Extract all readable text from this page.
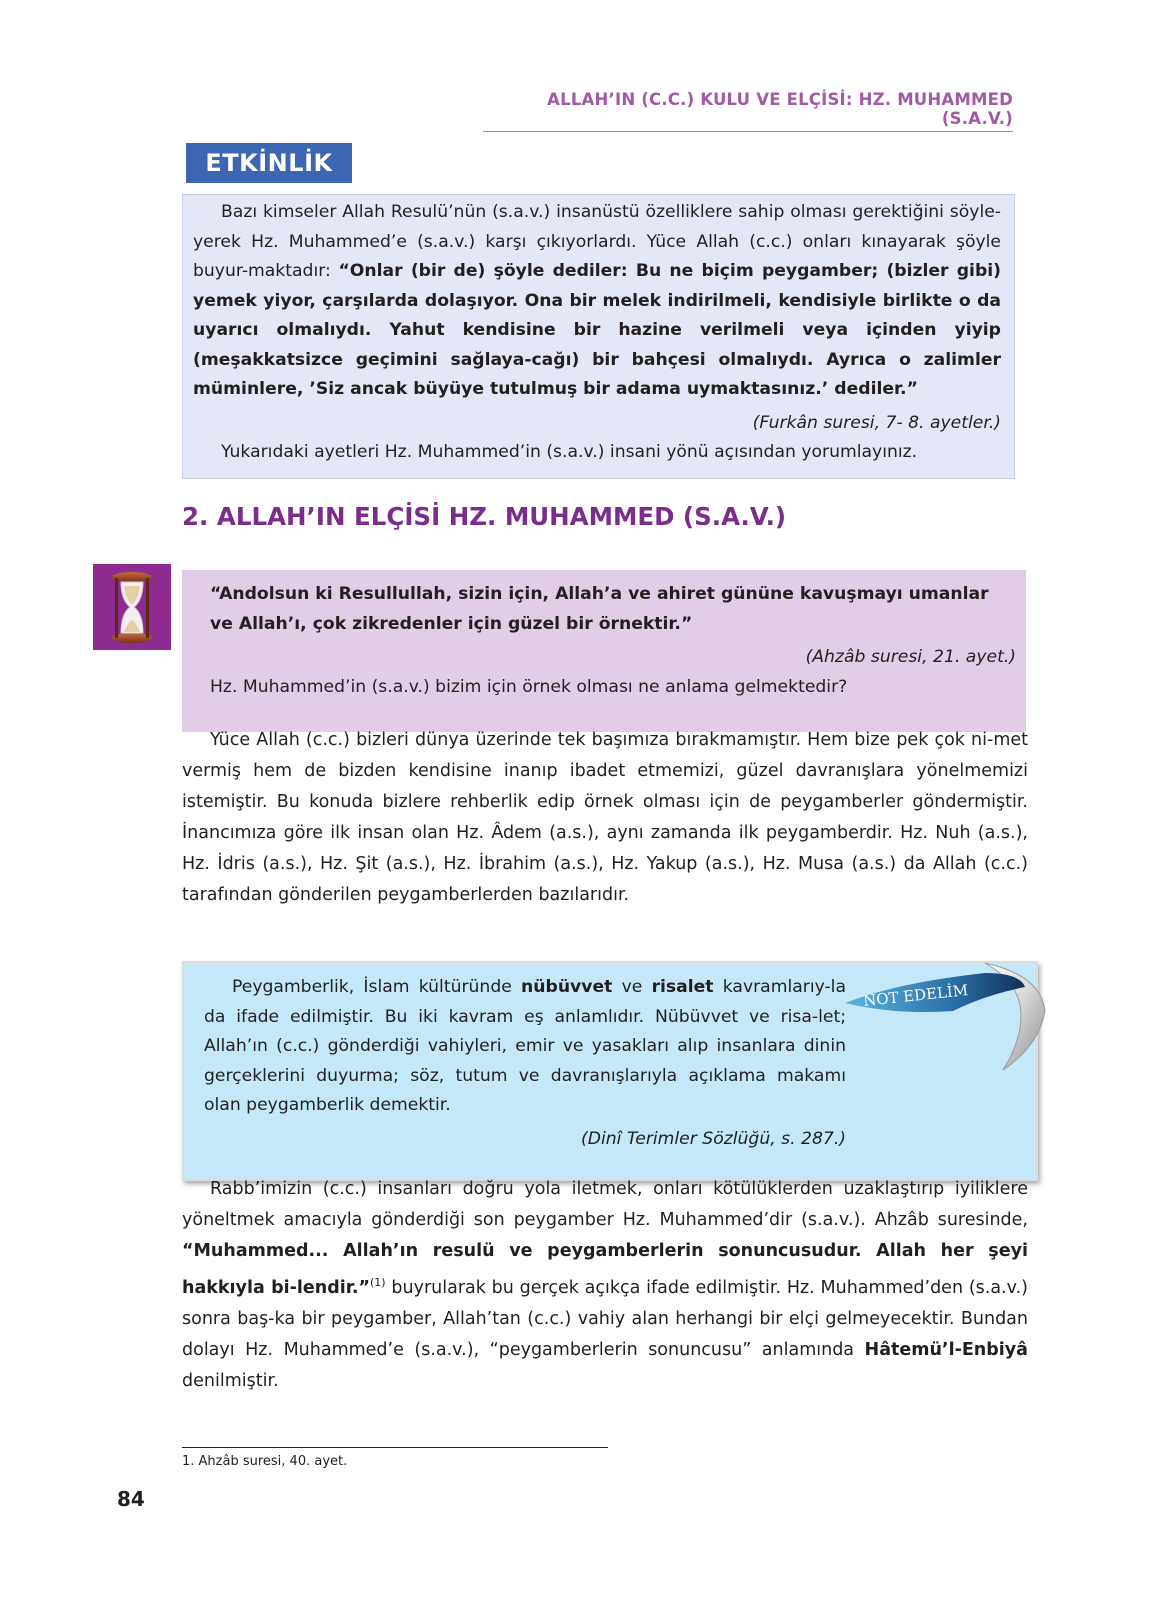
ALLAH’IN (C.C.) KULU VE ELÇİSİ: HZ. MUHAMMED (S.A.V.)
ETKİNLİK

Bazı kimseler Allah Resulü’nün (s.a.v.) insanüstü özelliklere sahip olması gerektiğini söyle-yerek Hz. Muhammed’e (s.a.v.) karşı çıkıyorlardı. Yüce Allah (c.c.) onları kınayarak şöyle buyur-maktadır: “Onlar (bir de) şöyle dediler: Bu ne biçim peygamber; (bizler gibi) yemek yiyor, çarşılarda dolaşıyor. Ona bir melek indirilmeli, kendisiyle birlikte o da uyarıcı olmalıydı. Yahut kendisine bir hazine verilmeli veya içinden yiyip (meşakkatsizce geçimini sağlaya-cağı) bir bahçesi olmalıydı. Ayrıca o zalimler müminlere, ’Siz ancak büyüye tutulmuş bir adama uymaktasınız.’ dediler.”

(Furkân suresi, 7- 8. ayetler.)

Yukarıdaki ayetleri Hz. Muhammed’in (s.a.v.) insani yönü açısından yorumlayınız.

2. ALLAH’IN ELÇİSİ HZ. MUHAMMED (S.A.V.)

“Andolsun ki Resullullah, sizin için, Allah’a ve ahiret gününe kavuşmayı umanlar ve Allah’ı, çok zikredenler için güzel bir örnektir.”

(Ahzâb suresi, 21. ayet.)

Hz. Muhammed’in (s.a.v.) bizim için örnek olması ne anlama gelmektedir?

Yüce Allah (c.c.) bizleri dünya üzerinde tek başımıza bırakmamıştır. Hem bize pek çok ni-met vermiş hem de bizden kendisine inanıp ibadet etmemizi, güzel davranışlara yönelmemizi istemiştir. Bu konuda bizlere rehberlik edip örnek olması için de peygamberler göndermiştir. İnancımıza göre ilk insan olan Hz. Âdem (a.s.), aynı zamanda ilk peygamberdir. Hz. Nuh (a.s.), Hz. İdris (a.s.), Hz. Şit (a.s.), Hz. İbrahim (a.s.), Hz. Yakup (a.s.), Hz. Musa (a.s.) da Allah (c.c.) tarafından gönderilen peygamberlerden bazılarıdır.

Peygamberlik, İslam kültüründe nübüvvet ve risalet kavramlarıy-la da ifade edilmiştir. Bu iki kavram eş anlamlıdır. Nübüvvet ve risa-let; Allah’ın (c.c.) gönderdiği vahiyleri, emir ve yasakları alıp insanlara dinin gerçeklerini duyurma; söz, tutum ve davranışlarıyla açıklama makamı olan peygamberlik demektir.

(Dinî Terimler Sözlüğü, s. 287.)

NOT EDELİM

Rabb’imizin (c.c.) insanları doğru yola iletmek, onları kötülüklerden uzaklaştırıp iyiliklere yöneltmek amacıyla gönderdiği son peygamber Hz. Muhammed’dir (s.a.v.). Ahzâb suresinde, “Muhammed... Allah’ın resulü ve peygamberlerin sonuncusudur. Allah her şeyi hakkıyla bi-lendir.”$^{(1)}$ buyrularak bu gerçek açıkça ifade edilmiştir. Hz. Muhammed’den (s.a.v.) sonra baş-ka bir peygamber, Allah’tan (c.c.) vahiy alan herhangi bir elçi gelmeyecektir. Bundan dolayı Hz. Muhammed’e (s.a.v.), “peygamberlerin sonuncusu” anlamında Hâtemü’l-Enbiyâ denilmiştir.

1. Ahzâb suresi, 40. ayet.
84
